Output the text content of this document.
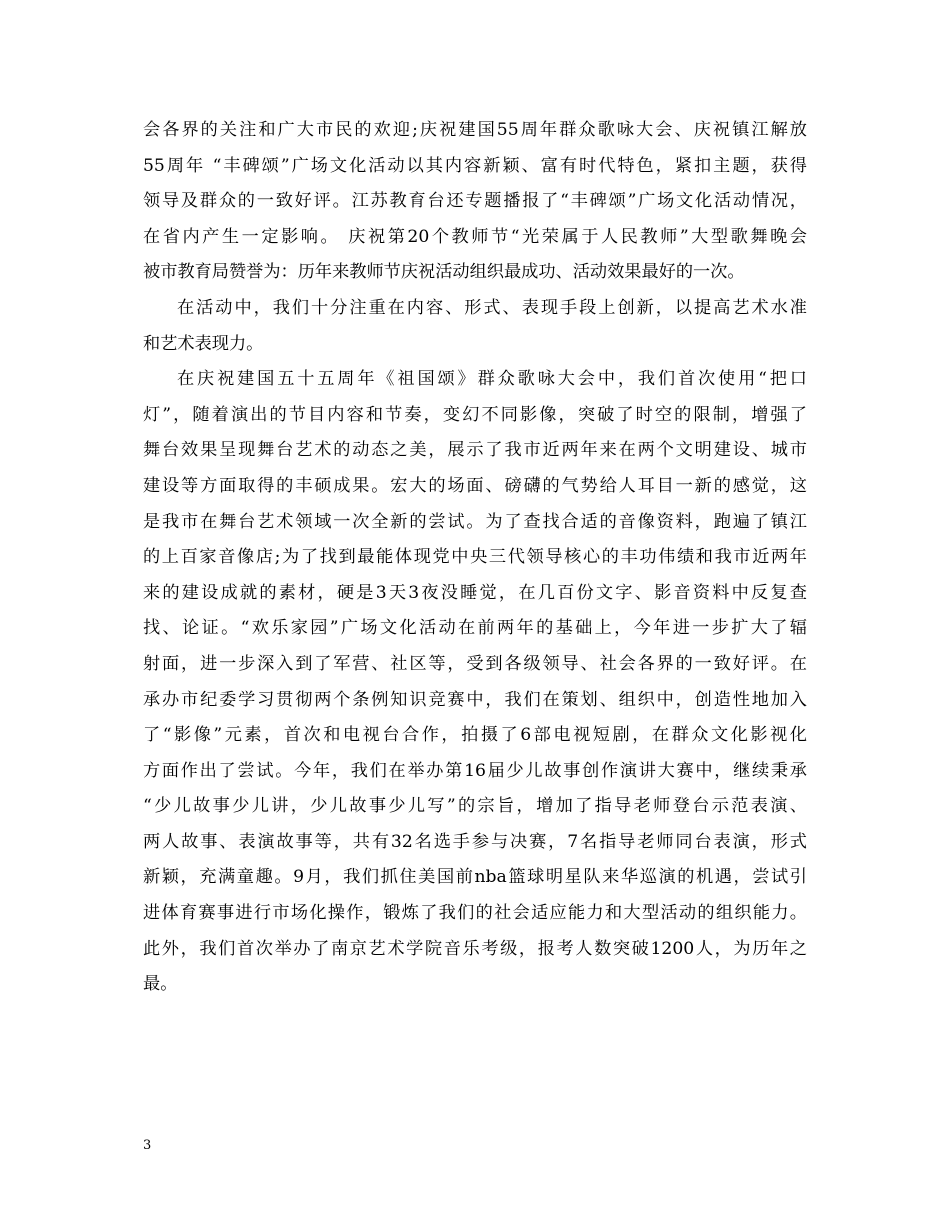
会各界的关注和广大市民的欢迎;庆祝建国55周年群众歌咏大会、庆祝镇江解放
55周年 “丰碑颂”广场文化活动以其内容新颖、富有时代特色，紧扣主题，获得
领导及群众的一致好评。江苏教育台还专题播报了“丰碑颂”广场文化活动情况，
在省内产生一定影响。 庆祝第20个教师节“光荣属于人民教师”大型歌舞晚会
被市教育局赞誉为：历年来教师节庆祝活动组织最成功、活动效果最好的一次。
在活动中，我们十分注重在内容、形式、表现手段上创新，以提高艺术水准
和艺术表现力。
在庆祝建国五十五周年《祖国颂》群众歌咏大会中，我们首次使用“把口
灯”，随着演出的节目内容和节奏，变幻不同影像，突破了时空的限制，增强了
舞台效果呈现舞台艺术的动态之美，展示了我市近两年来在两个文明建设、城市
建设等方面取得的丰硕成果。宏大的场面、磅礴的气势给人耳目一新的感觉，这
是我市在舞台艺术领域一次全新的尝试。为了查找合适的音像资料，跑遍了镇江
的上百家音像店;为了找到最能体现党中央三代领导核心的丰功伟绩和我市近两年
来的建设成就的素材，硬是3天3夜没睡觉，在几百份文字、影音资料中反复查
找、论证。“欢乐家园”广场文化活动在前两年的基础上，今年进一步扩大了辐
射面，进一步深入到了军营、社区等，受到各级领导、社会各界的一致好评。在
承办市纪委学习贯彻两个条例知识竞赛中，我们在策划、组织中，创造性地加入
了“影像”元素，首次和电视台合作，拍摄了6部电视短剧，在群众文化影视化
方面作出了尝试。今年，我们在举办第16届少儿故事创作演讲大赛中，继续秉承
“少儿故事少儿讲，少儿故事少儿写”的宗旨，增加了指导老师登台示范表演、
两人故事、表演故事等，共有32名选手参与决赛，7名指导老师同台表演，形式
新颖，充满童趣。9月，我们抓住美国前nba篮球明星队来华巡演的机遇，尝试引
进体育赛事进行市场化操作，锻炼了我们的社会适应能力和大型活动的组织能力。
此外，我们首次举办了南京艺术学院音乐考级，报考人数突破1200人，为历年之
最。
3
